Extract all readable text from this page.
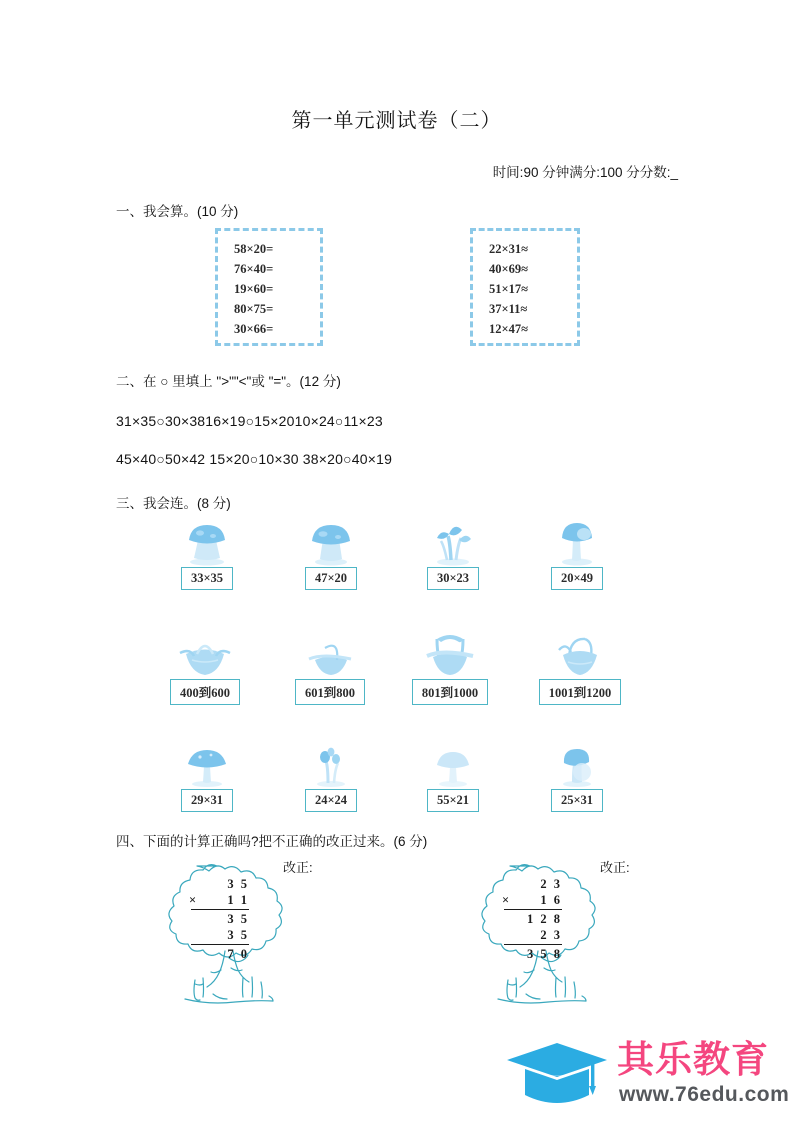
第一单元测试卷（二）
时间:90 分钟满分:100 分分数:_
一、我会算。(10 分)
58×20=
76×40=
19×60=
80×75=
30×66=
22×31≈
40×69≈
51×17≈
37×11≈
12×47≈
二、在 ○ 里填上 ">""<"或 "="。(12 分)
31×35○30×3816×19○15×2010×24○11×23
45×40○50×42 15×20○10×30 38×20○40×19
三、我会连。(8 分)
33×35	47×20	30×23	20×49
400到600	601到800	801到1000	1001到1200
29×31	24×24	55×21	25×31
四、下面的计算正确吗?把不正确的改正过来。(6 分)
3 5
×	1 1
3 5
3 5
7 0
改正:
2 3
×	1 6
1 2 8
2 3
3 5 8
改正:
其乐教育
www.76edu.com
